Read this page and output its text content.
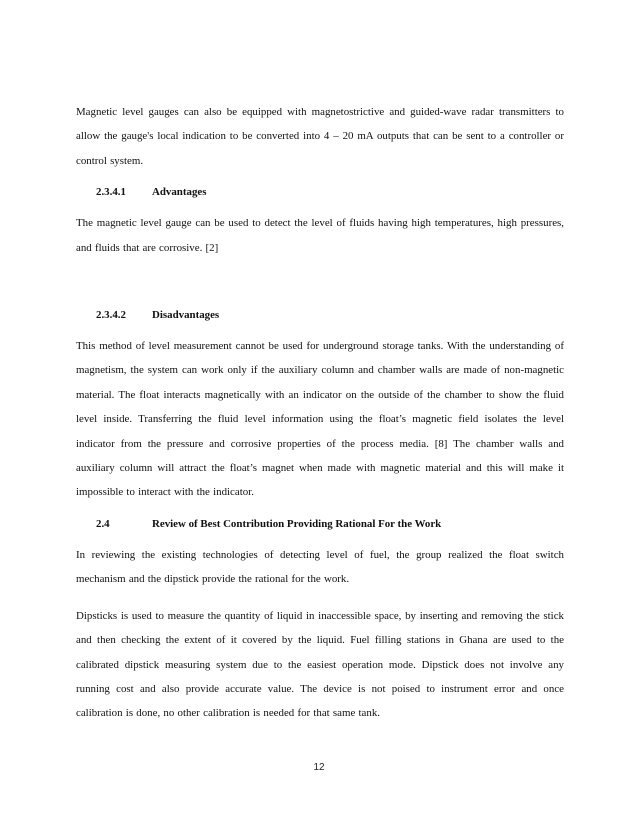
Magnetic level gauges can also be equipped with magnetostrictive and guided-wave radar transmitters to allow the gauge's local indication to be converted into 4 – 20 mA outputs that can be sent to a controller or control system.

2.3.4.1	Advantages

The magnetic level gauge can be used to detect the level of fluids having high temperatures, high pressures, and fluids that are corrosive. [2]

2.3.4.2	Disadvantages

This method of level measurement cannot be used for underground storage tanks. With the understanding of magnetism, the system can work only if the auxiliary column and chamber walls are made of non-magnetic material. The float interacts magnetically with an indicator on the outside of the chamber to show the fluid level inside. Transferring the fluid level information using the float’s magnetic field isolates the level indicator from the pressure and corrosive properties of the process media. [8] The chamber walls and auxiliary column will attract the float’s magnet when made with magnetic material and this will make it impossible to interact with the indicator.

2.4	Review of Best Contribution Providing Rational For the Work

In reviewing the existing technologies of detecting level of fuel, the group realized the float switch mechanism and the dipstick provide the rational for the work.

Dipsticks is used to measure the quantity of liquid in inaccessible space, by inserting and removing the stick and then checking the extent of it covered by the liquid. Fuel filling stations in Ghana are used to the calibrated dipstick measuring system due to the easiest operation mode. Dipstick does not involve any running cost and also provide accurate value. The device is not poised to instrument error and once calibration is done, no other calibration is needed for that same tank.

12
